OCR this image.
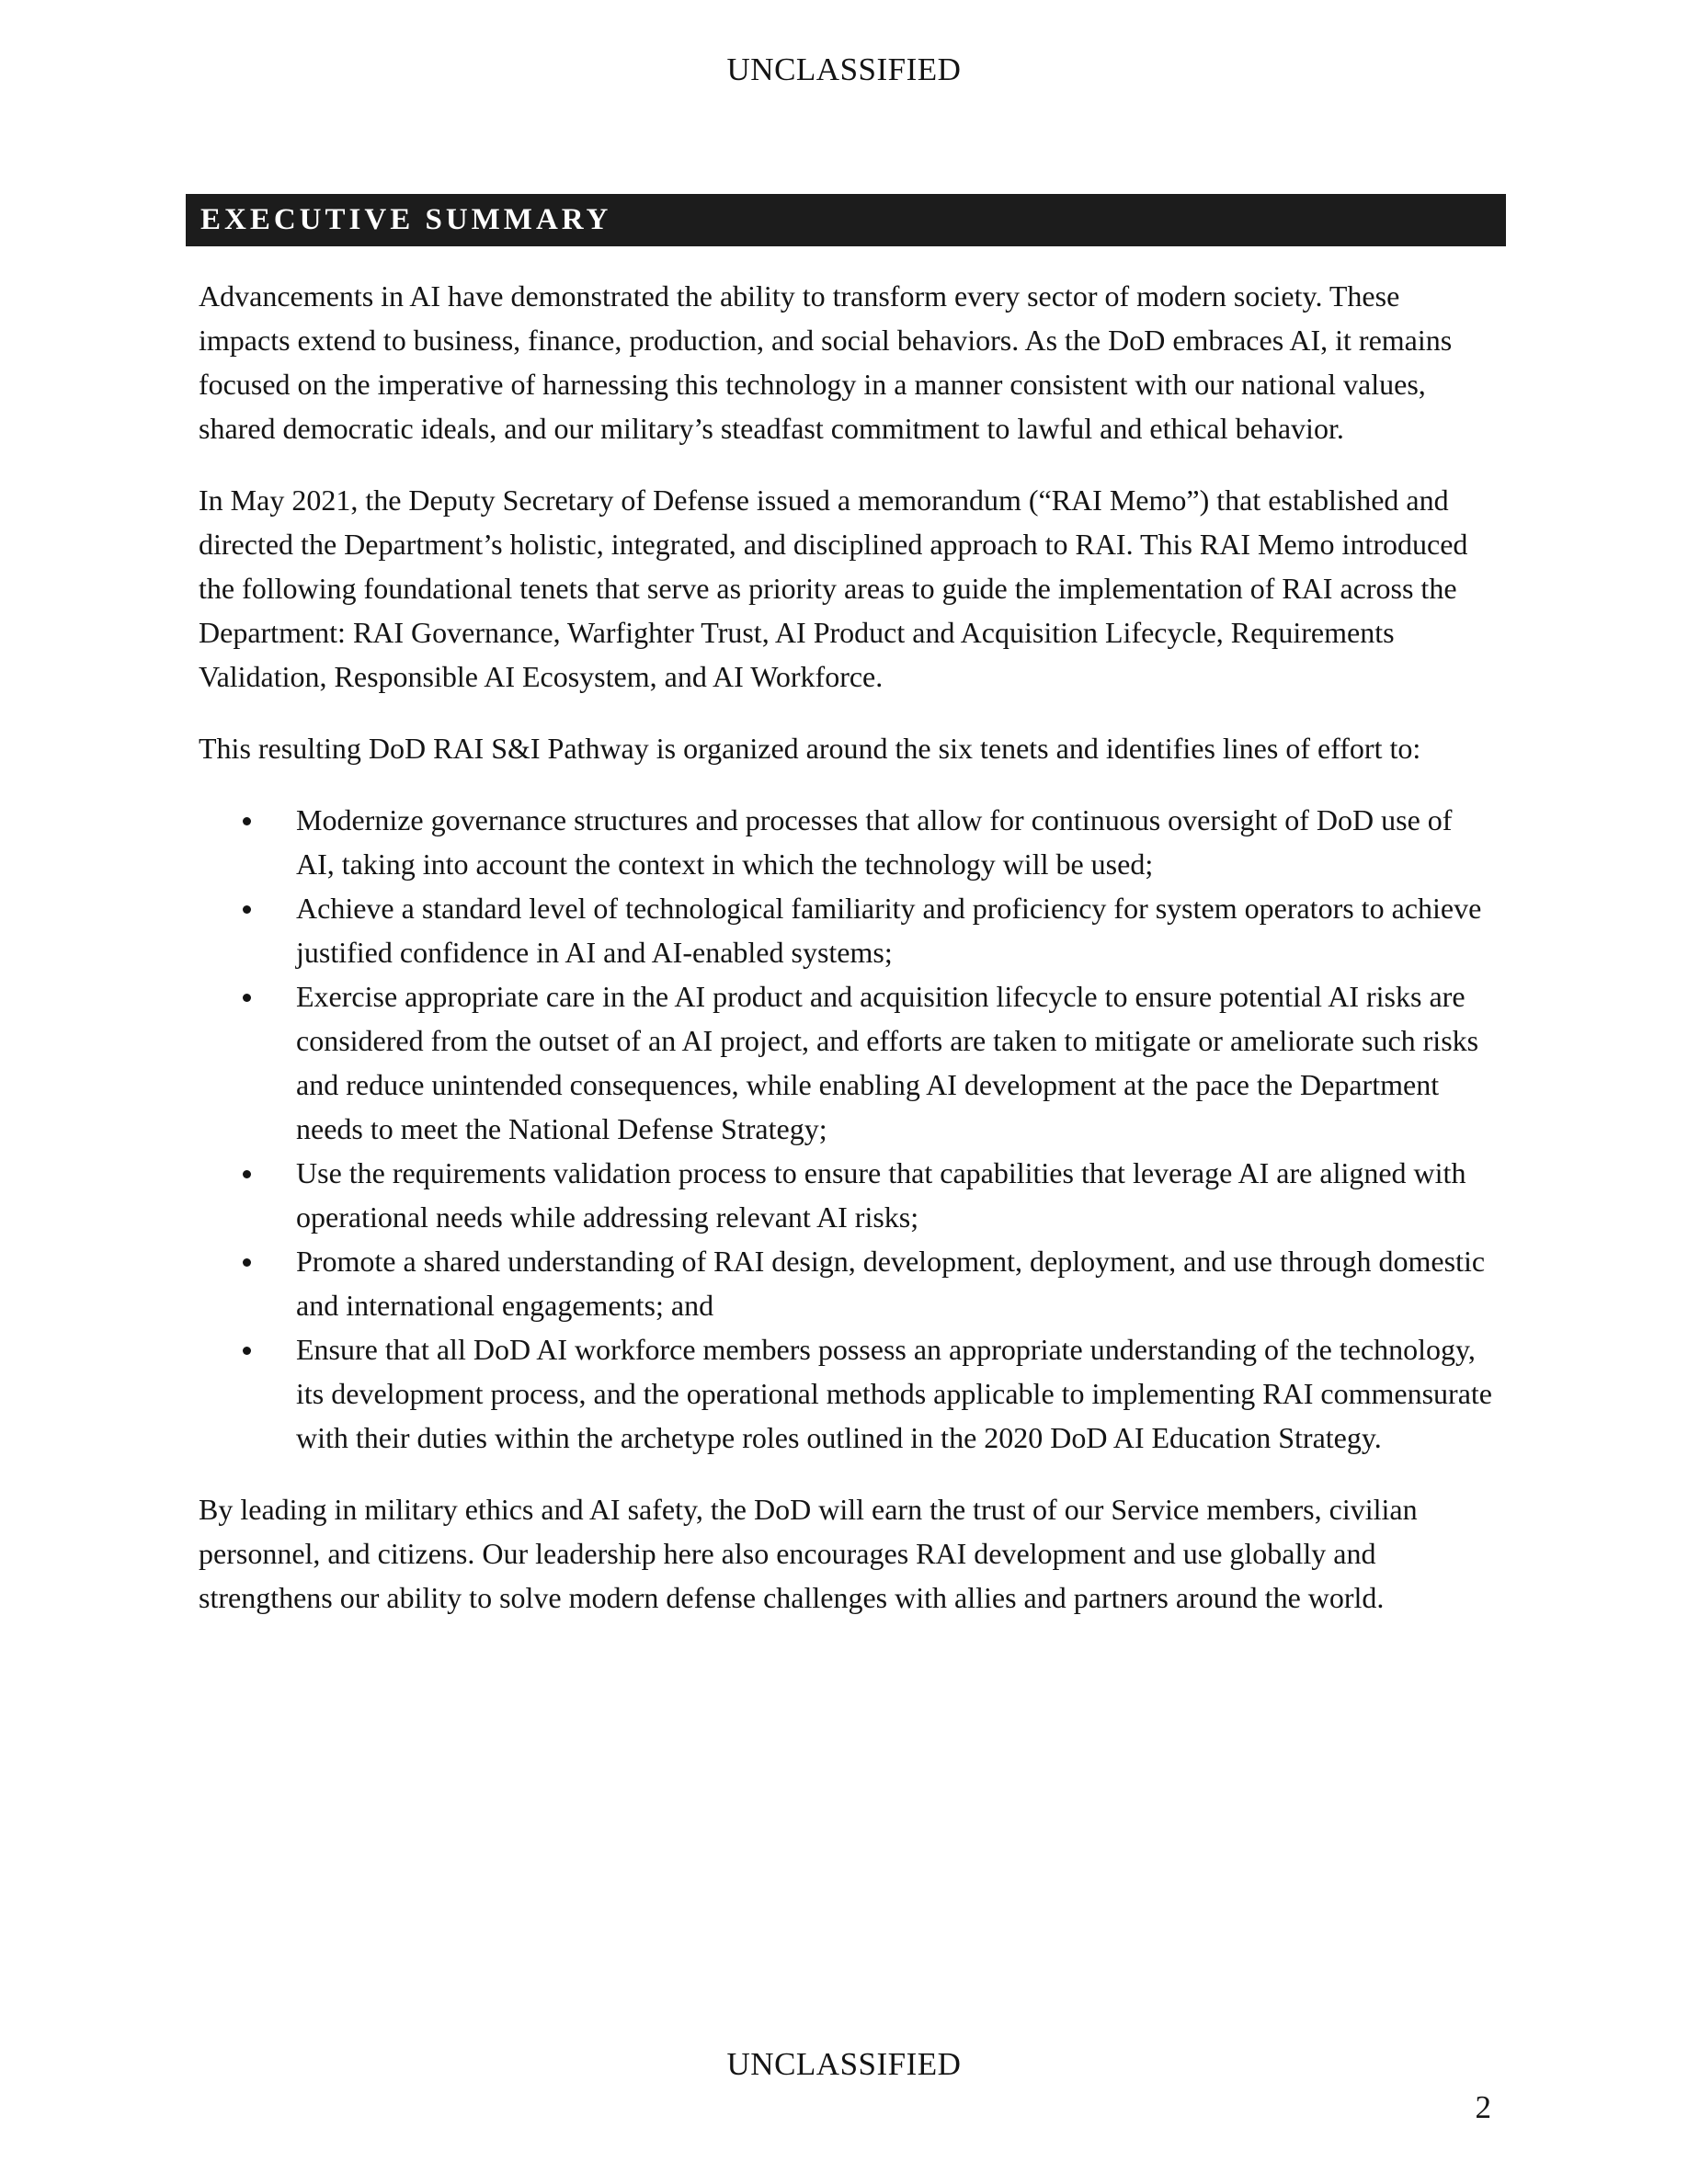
UNCLASSIFIED
EXECUTIVE SUMMARY

Advancements in AI have demonstrated the ability to transform every sector of modern society. These impacts extend to business, finance, production, and social behaviors. As the DoD embraces AI, it remains focused on the imperative of harnessing this technology in a manner consistent with our national values, shared democratic ideals, and our military’s steadfast commitment to lawful and ethical behavior.

In May 2021, the Deputy Secretary of Defense issued a memorandum (“RAI Memo”) that established and directed the Department’s holistic, integrated, and disciplined approach to RAI. This RAI Memo introduced the following foundational tenets that serve as priority areas to guide the implementation of RAI across the Department: RAI Governance, Warfighter Trust, AI Product and Acquisition Lifecycle, Requirements Validation, Responsible AI Ecosystem, and AI Workforce.

This resulting DoD RAI S&I Pathway is organized around the six tenets and identifies lines of effort to:

Modernize governance structures and processes that allow for continuous oversight of DoD use of AI, taking into account the context in which the technology will be used;
Achieve a standard level of technological familiarity and proficiency for system operators to achieve justified confidence in AI and AI-enabled systems;
Exercise appropriate care in the AI product and acquisition lifecycle to ensure potential AI risks are considered from the outset of an AI project, and efforts are taken to mitigate or ameliorate such risks and reduce unintended consequences, while enabling AI development at the pace the Department needs to meet the National Defense Strategy;
Use the requirements validation process to ensure that capabilities that leverage AI are aligned with operational needs while addressing relevant AI risks;
Promote a shared understanding of RAI design, development, deployment, and use through domestic and international engagements; and
Ensure that all DoD AI workforce members possess an appropriate understanding of the technology, its development process, and the operational methods applicable to implementing RAI commensurate with their duties within the archetype roles outlined in the 2020 DoD AI Education Strategy.

By leading in military ethics and AI safety, the DoD will earn the trust of our Service members, civilian personnel, and citizens. Our leadership here also encourages RAI development and use globally and strengthens our ability to solve modern defense challenges with allies and partners around the world.

UNCLASSIFIED
2
